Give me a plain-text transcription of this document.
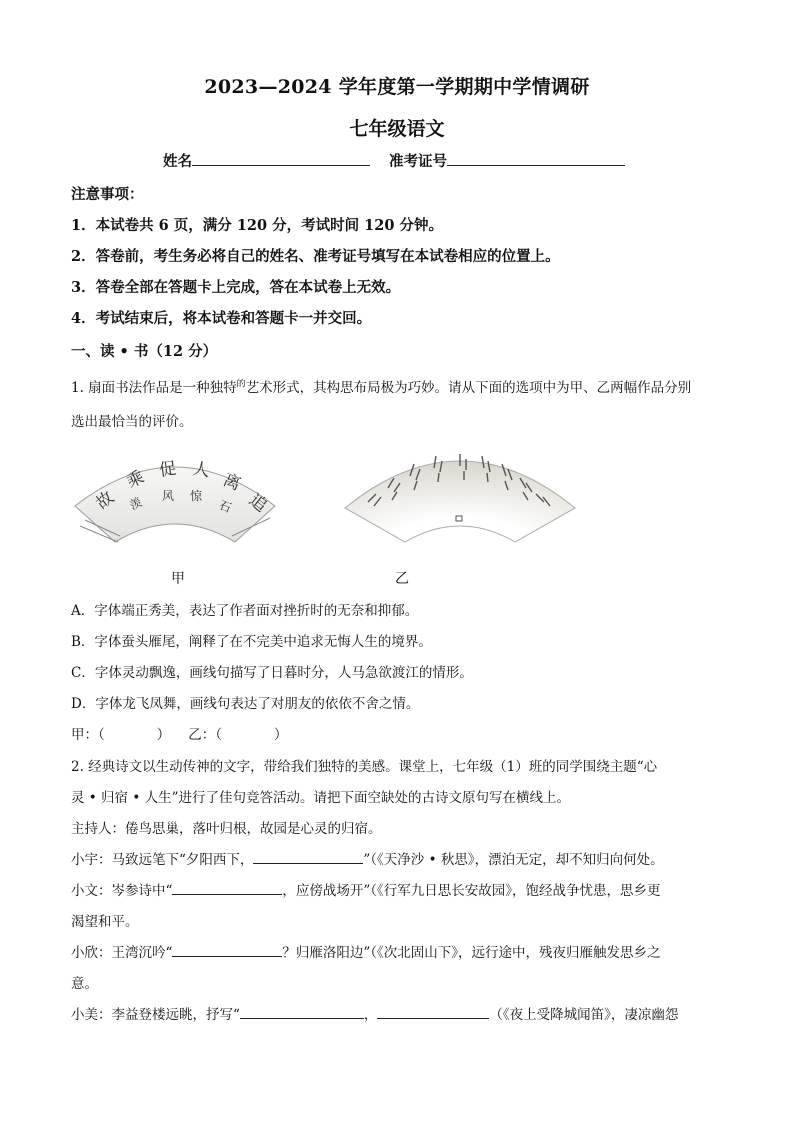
2023—2024 学年度第一学期期中学情调研
七年级语文
姓名	准考证号
注意事项：
1．本试卷共 6 页，满分 120 分，考试时间 120 分钟。
2．答卷前，考生务必将自己的姓名、准考证号填写在本试卷相应的位置上。
3．答卷全部在答题卡上完成，答在本试卷上无效。
4．考试结束后，将本试卷和答题卡一并交回。
一、读 • 书（12 分）
1. 扇面书法作品是一种独特$^的$艺术形式，其构思布局极为巧妙。请从下面的选项中为甲、乙两幅作品分别
选出最恰当的评价。
故
乘 促 人 离
追
羡 风 惊
石
甲	乙
A．字体端正秀美，表达了作者面对挫折时的无奈和抑郁。
B．字体蚕头雁尾，阐释了在不完美中追求无悔人生的境界。
C．字体灵动飘逸，画线句描写了日暮时分，人马急欲渡江的情形。
D．字体龙飞凤舞，画线句表达了对朋友的依依不舍之情。
甲：（	） 乙：（	）
2. 经典诗文以生动传神的文字，带给我们独特的美感。课堂上，七年级（1）班的同学围绕主题“心
灵 • 归宿 • 人生”进行了佳句竞答活动。请把下面空缺处的古诗文原句写在横线上。
主持人：倦鸟思巢，落叶归根，故园是心灵的归宿。
小宇：马致远笔下“夕阳西下，	”（《天净沙 • 秋思》，漂泊无定，却不知归向何处。
小文：岑参诗中“	，应傍战场开”（《行军九日思长安故园》，饱经战争忧患，思乡更
渴望和平。
小欣：王湾沉吟“	？归雁洛阳边”（《次北固山下》，远行途中，残夜归雁触发思乡之
意。
小美：李益登楼远眺，抒写“	，	（《夜上受降城闻笛》，凄凉幽怨
